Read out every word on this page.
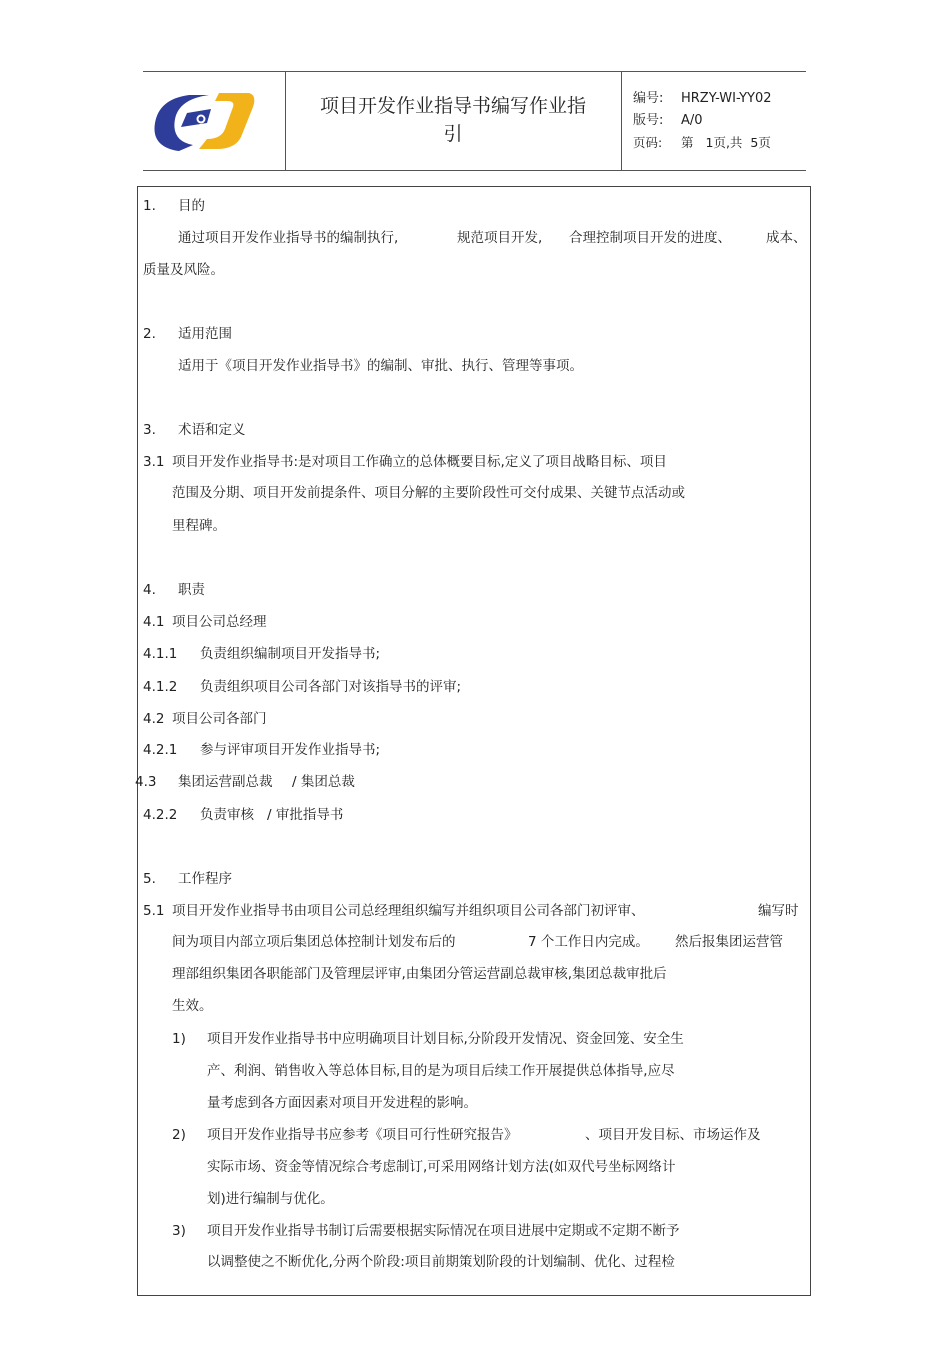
项目开发作业指导书编写作业指
引
编号: HRZY-WI-YY02
版号: A/0
页码: 第 1页,共 5页
1. 目的
通过项目开发作业指导书的编制执行,	规范项目开发, 合理控制项目开发的进度、	成本、
质量及风险。
2. 适用范围
适用于《项目开发作业指导书》的编制、审批、执行、管理等事项。
3. 术语和定义
3.1 项目开发作业指导书:是对项目工作确立的总体概要目标,定义了项目战略目标、项目
范围及分期、项目开发前提条件、项目分解的主要阶段性可交付成果、关键节点活动或
里程碑。
4. 职责
4.1 项目公司总经理
4.1.1 负责组织编制项目开发指导书;
4.1.2 负责组织项目公司各部门对该指导书的评审;
4.2 项目公司各部门
4.2.1 参与评审项目开发作业指导书;
4.3 集团运营副总裁 / 集团总裁
4.2.2 负责审核 / 审批指导书
5. 工作程序
5.1 项目开发作业指导书由项目公司总经理组织编写并组织项目公司各部门初评审、	编写时
间为项目内部立项后集团总体控制计划发布后的	7 个工作日内完成。 然后报集团运营管
理部组织集团各职能部门及管理层评审,由集团分管运营副总裁审核,集团总裁审批后
生效。
1) 项目开发作业指导书中应明确项目计划目标,分阶段开发情况、资金回笼、安全生
产、利润、销售收入等总体目标,目的是为项目后续工作开展提供总体指导,应尽
量考虑到各方面因素对项目开发进程的影响。
2) 项目开发作业指导书应参考《项目可行性研究报告》	、项目开发目标、市场运作及
实际市场、资金等情况综合考虑制订,可采用网络计划方法(如双代号坐标网络计
划)进行编制与优化。
3) 项目开发作业指导书制订后需要根据实际情况在项目进展中定期或不定期不断予
以调整使之不断优化,分两个阶段:项目前期策划阶段的计划编制、优化、过程检
